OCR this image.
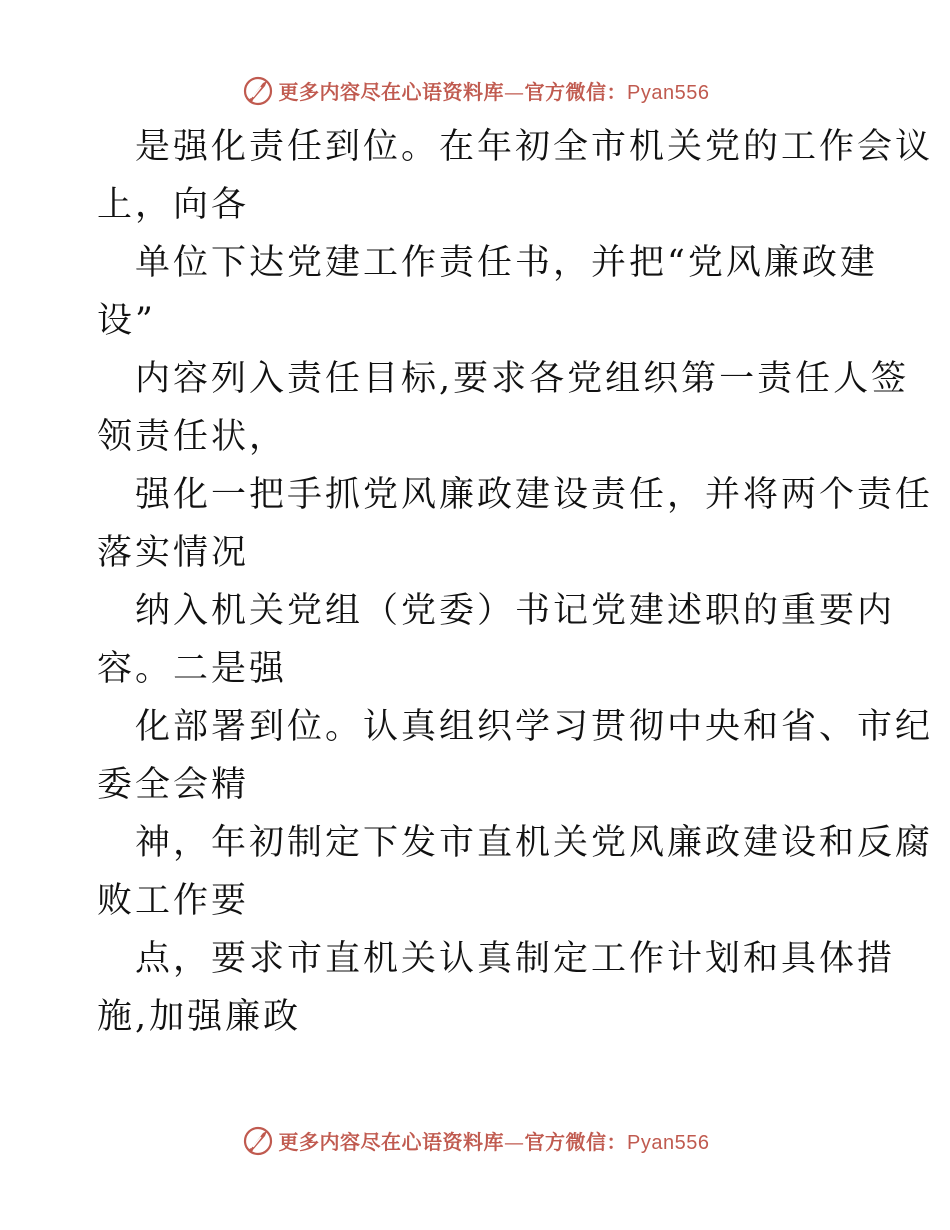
更多内容尽在心语资料库—官方微信：Pyan556

是强化责任到位。在年初全市机关党的工作会议
上，向各

单位下达党建工作责任书，并把“党风廉政建
设”

内容列入责任目标,要求各党组织第一责任人签
领责任状，

强化一把手抓党风廉政建设责任，并将两个责任
落实情况

纳入机关党组（党委）书记党建述职的重要内
容。二是强

化部署到位。认真组织学习贯彻中央和省、市纪
委全会精

神，年初制定下发市直机关党风廉政建设和反腐
败工作要

点，要求市直机关认真制定工作计划和具体措
施,加强廉政

更多内容尽在心语资料库—官方微信：Pyan556
